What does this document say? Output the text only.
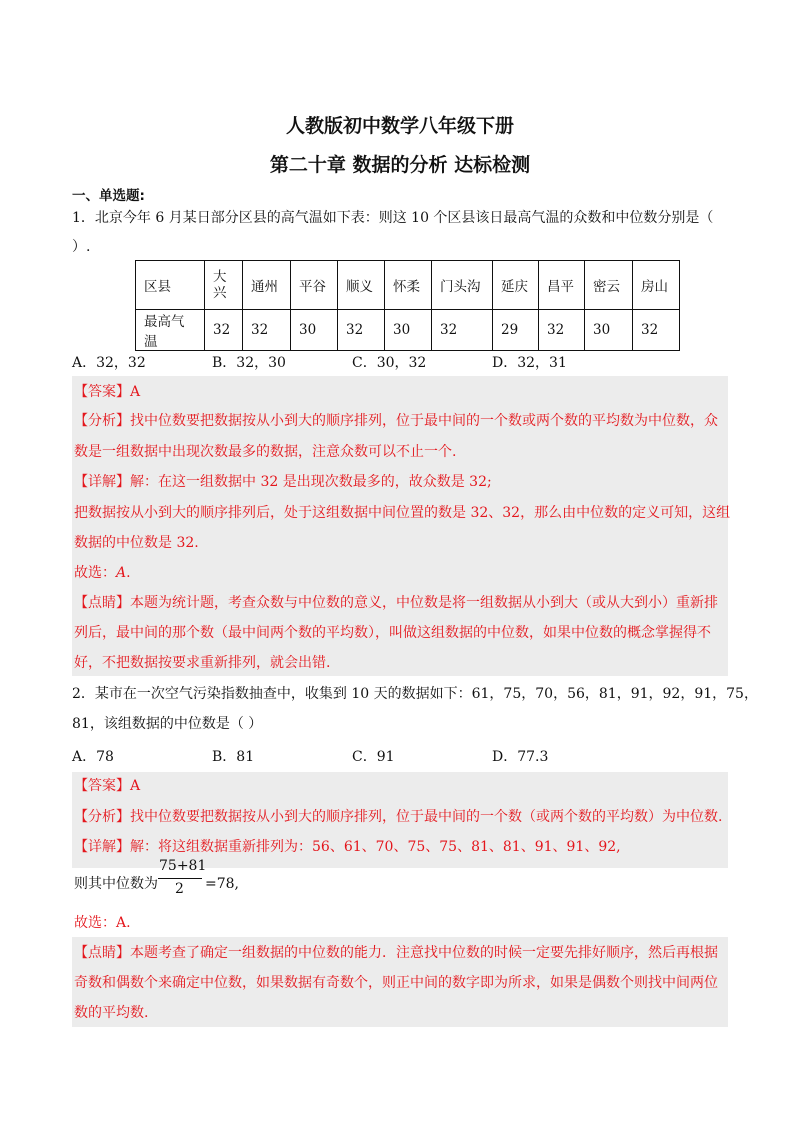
人教版初中数学八年级下册
第二十章 数据的分析 达标检测
一、单选题:
1．北京今年 6 月某日部分区县的高气温如下表：则这 10 个区县该日最高气温的众数和中位数分别是（
）.
区县	大兴	通州	平谷	顺义	怀柔	门头沟	延庆	昌平	密云	房山
最高气温	32	32	30	32	30	32	29	32	30	32
A．32，32	B．32，30	C．30，32	D．32，31
【答案】A
【分析】找中位数要把数据按从小到大的顺序排列，位于最中间的一个数或两个数的平均数为中位数，众
数是一组数据中出现次数最多的数据，注意众数可以不止一个.
【详解】解：在这一组数据中 32 是出现次数最多的，故众数是 32;
把数据按从小到大的顺序排列后，处于这组数据中间位置的数是 32、32，那么由中位数的定义可知，这组
数据的中位数是 32.
故选：A.
【点睛】本题为统计题，考查众数与中位数的意义，中位数是将一组数据从小到大（或从大到小）重新排
列后，最中间的那个数（最中间两个数的平均数），叫做这组数据的中位数，如果中位数的概念掌握得不
好，不把数据按要求重新排列，就会出错.
2．某市在一次空气污染指数抽查中，收集到 10 天的数据如下：61，75，70，56，81，91，92，91，75，
81，该组数据的中位数是（ ）
A．78	B．81	C．91	D．77.3
【答案】A
【分析】找中位数要把数据按从小到大的顺序排列，位于最中间的一个数（或两个数的平均数）为中位数.
【详解】解：将这组数据重新排列为：56、61、70、75、75、81、81、91、91、92,
则其中位数为
75+81
2 =78,
故选：A.
【点睛】本题考查了确定一组数据的中位数的能力．注意找中位数的时候一定要先排好顺序，然后再根据
奇数和偶数个来确定中位数，如果数据有奇数个，则正中间的数字即为所求，如果是偶数个则找中间两位
数的平均数.
